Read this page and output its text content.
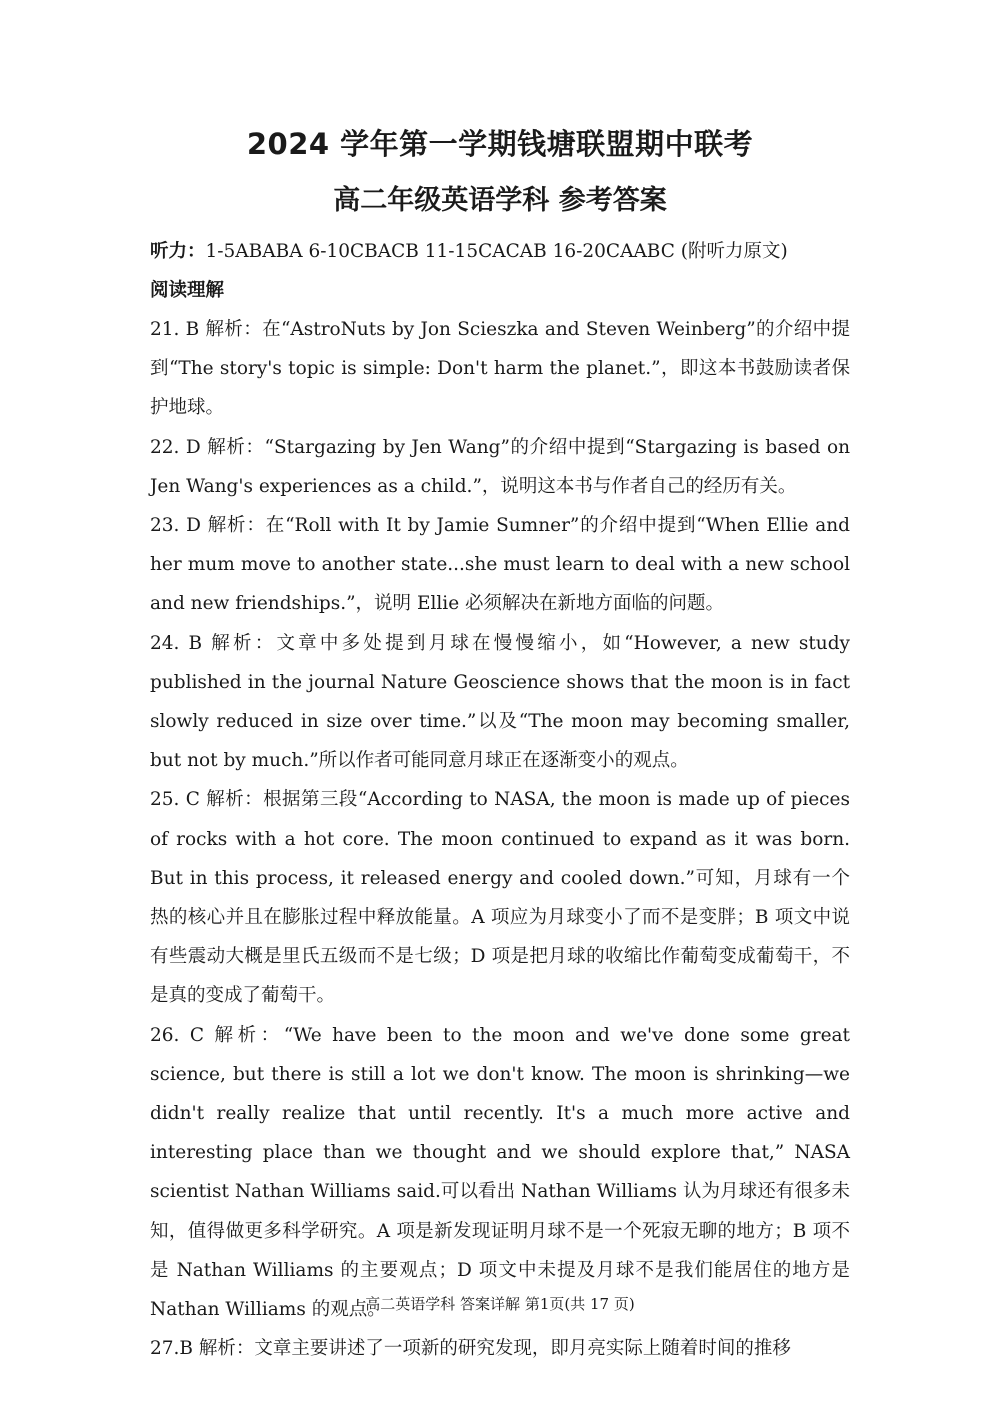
2024 学年第一学期钱塘联盟期中联考
高二年级英语学科 参考答案

听力：1-5ABABA 6-10CBACB 11-15CACAB 16-20CAABC (附听力原文)

阅读理解

21. B 解析：在“AstroNuts by Jon Scieszka and Steven Weinberg”的介绍中提到“The story's topic is simple: Don't harm the planet.”，即这本书鼓励读者保护地球。

22. D 解析：“Stargazing by Jen Wang”的介绍中提到“Stargazing is based on Jen Wang's experiences as a child.”，说明这本书与作者自己的经历有关。

23. D 解析：在“Roll with It by Jamie Sumner”的介绍中提到“When Ellie and her mum move to another state...she must learn to deal with a new school and new friendships.”，说明 Ellie 必须解决在新地方面临的问题。

24. B 解析：文章中多处提到月球在慢慢缩小，如“However, a new study published in the journal Nature Geoscience shows that the moon is in fact slowly reduced in size over time.”以及“The moon may becoming smaller, but not by much.”所以作者可能同意月球正在逐渐变小的观点。

25. C 解析：根据第三段“According to NASA, the moon is made up of pieces of rocks with a hot core. The moon continued to expand as it was born. But in this process, it released energy and cooled down.”可知，月球有一个热的核心并且在膨胀过程中释放能量。A 项应为月球变小了而不是变胖；B 项文中说有些震动大概是里氏五级而不是七级；D 项是把月球的收缩比作葡萄变成葡萄干，不是真的变成了葡萄干。

26. C 解析：“We have been to the moon and we've done some great science, but there is still a lot we don't know. The moon is shrinking—we didn't really realize that until recently. It's a much more active and interesting place than we thought and we should explore that,” NASA scientist Nathan Williams said.可以看出 Nathan Williams 认为月球还有很多未知，值得做更多科学研究。A 项是新发现证明月球不是一个死寂无聊的地方；B 项不是 Nathan Williams 的主要观点；D 项文中未提及月球不是我们能居住的地方是 Nathan Williams 的观点。

27.B 解析：文章主要讲述了一项新的研究发现，即月亮实际上随着时间的推移

高二英语学科 答案详解 第1页(共 17 页)
